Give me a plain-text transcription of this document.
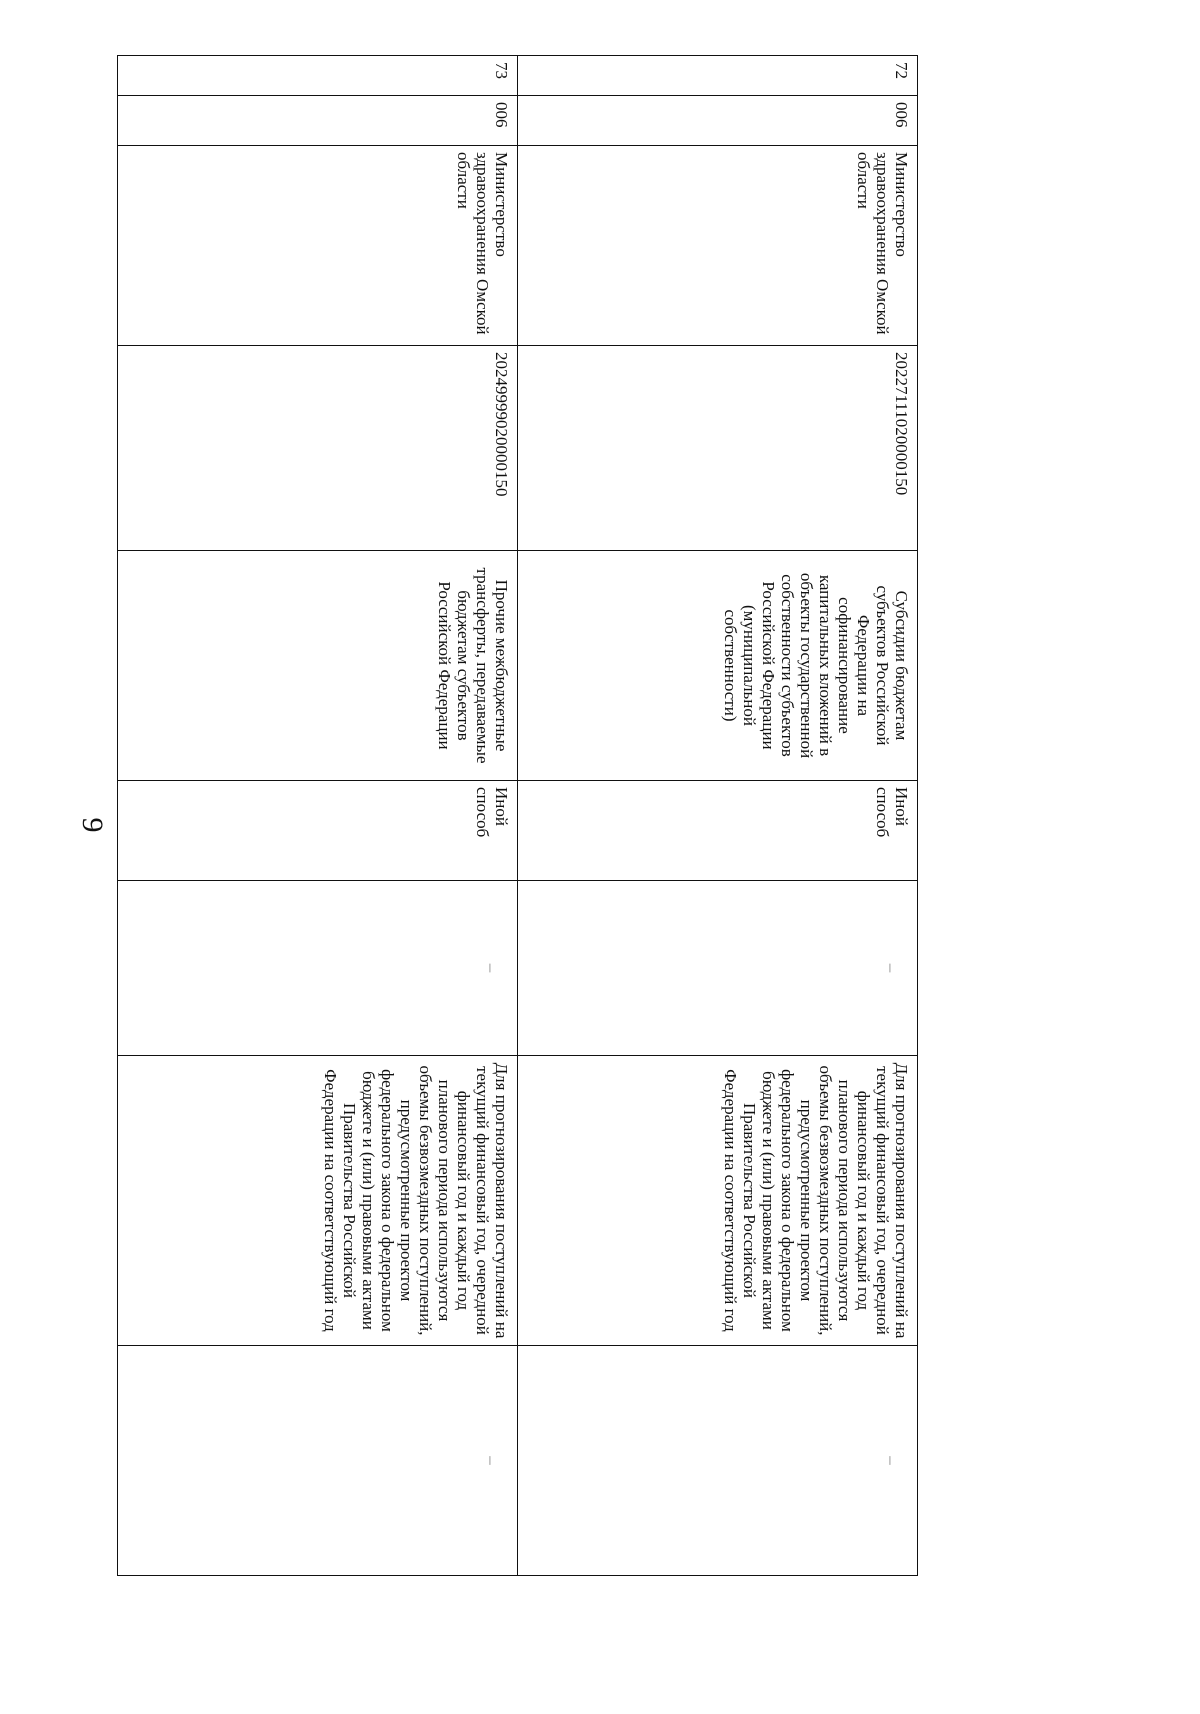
9
72	006	Министерство здравоохранения Омской области	20227111020000150	Субсидии бюджетам субъектов Российской Федерации на софинансирование капитальных вложений в объекты государственной собственности субъектов Российской Федерации (муниципальной собственности)	Иной способ	–	Для прогнозирования поступлений на текущий финансовый год, очередной финансовый год и каждый год планового периода используются объемы безвозмездных поступлений, предусмотренные проектом федерального закона о федеральном бюджете и (или) правовыми актами Правительства Российской Федерации на соответствующий год	–
73	006	Министерство здравоохранения Омской области	20249999020000150	Прочие межбюджетные трансферты, передаваемые бюджетам субъектов Российской Федерации	Иной способ	–	Для прогнозирования поступлений на текущий финансовый год, очередной финансовый год и каждый год планового периода используются объемы безвозмездных поступлений, предусмотренные проектом федерального закона о федеральном бюджете и (или) правовыми актами Правительства Российской Федерации на соответствующий год	–
